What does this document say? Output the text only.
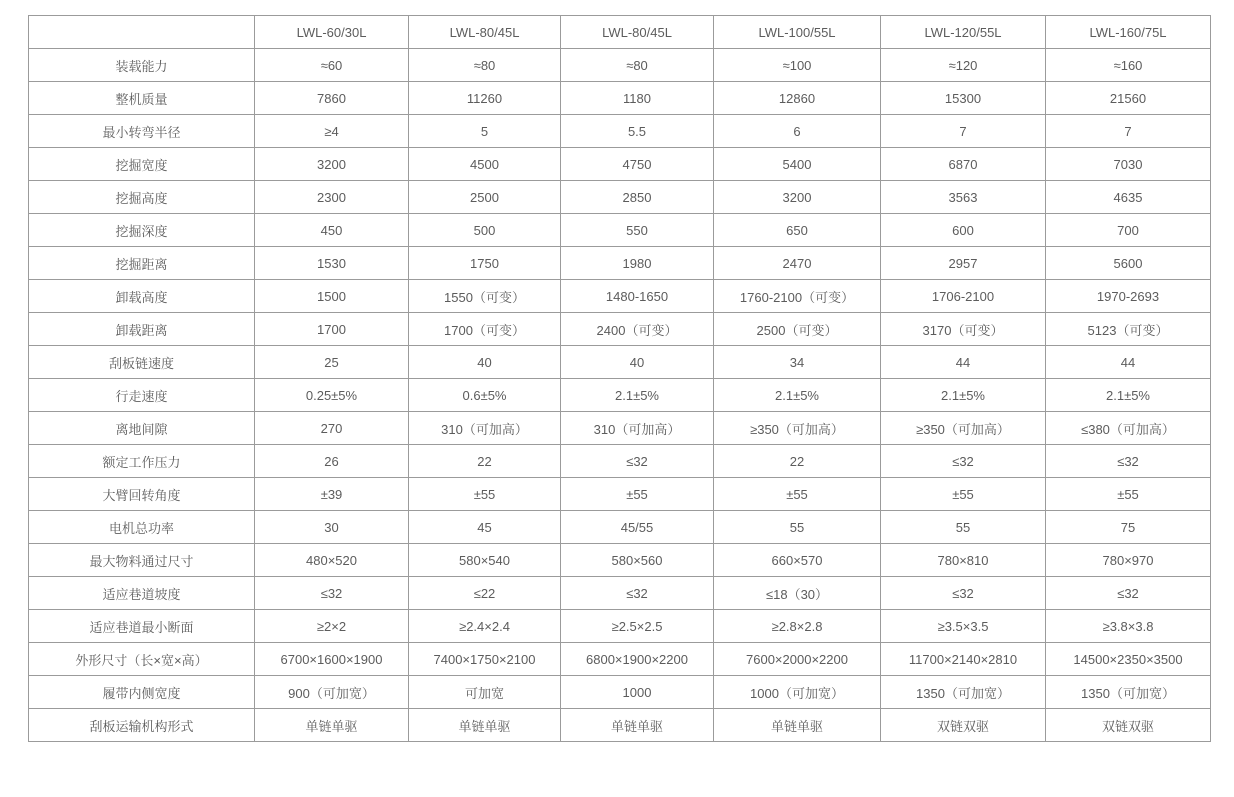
	LWL-60/30L	LWL-80/45L	LWL-80/45L	LWL-100/55L	LWL-120/55L	LWL-160/75L
装载能力	≈60	≈80	≈80	≈100	≈120	≈160
整机质量	7860	11260	1180	12860	15300	21560
最小转弯半径	≥4	5	5.5	6	7	7
挖掘宽度	3200	4500	4750	5400	6870	7030
挖掘高度	2300	2500	2850	3200	3563	4635
挖掘深度	450	500	550	650	600	700
挖掘距离	1530	1750	1980	2470	2957	5600
卸载高度	1500	1550（可变）	1480-1650	1760-2100（可变）	1706-2100	1970-2693
卸载距离	1700	1700（可变）	2400（可变）	2500（可变）	3170（可变）	5123（可变）
刮板链速度	25	40	40	34	44	44
行走速度	0.25±5%	0.6±5%	2.1±5%	2.1±5%	2.1±5%	2.1±5%
离地间隙	270	310（可加高）	310（可加高）	≥350（可加高）	≥350（可加高）	≤380（可加高）
额定工作压力	26	22	≤32	22	≤32	≤32
大臂回转角度	±39	±55	±55	±55	±55	±55
电机总功率	30	45	45/55	55	55	75
最大物料通过尺寸	480×520	580×540	580×560	660×570	780×810	780×970
适应巷道坡度	≤32	≤22	≤32	≤18（30）	≤32	≤32
适应巷道最小断面	≥2×2	≥2.4×2.4	≥2.5×2.5	≥2.8×2.8	≥3.5×3.5	≥3.8×3.8
外形尺寸（长×宽×高）	6700×1600×1900	7400×1750×2100	6800×1900×2200	7600×2000×2200	11700×2140×2810	14500×2350×3500
履带内侧宽度	900（可加宽）	可加宽	1000	1000（可加宽）	1350（可加宽）	1350（可加宽）
刮板运输机构形式	单链单驱	单链单驱	单链单驱	单链单驱	双链双驱	双链双驱
